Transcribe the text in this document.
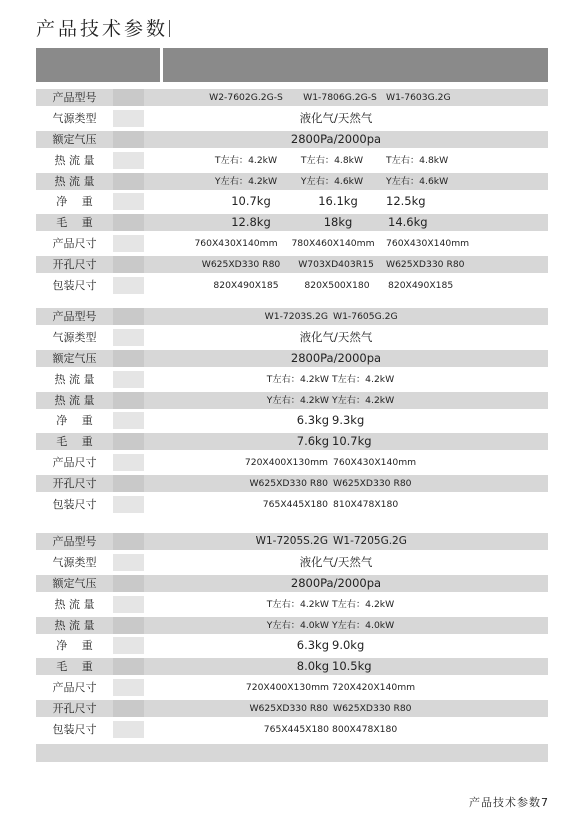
产品技术参数
产品型号	W2-7602G.2G-S	W1-7806G.2G-S W1-7603G.2G
气源类型	液化气/天然气
额定气压	2800Pa/2000pa
热 流 量	T左右：4.2kW	T左右：4.8kW	T左右：4.8kW
热 流 量	Y左右：4.2kW	Y左右：4.6kW	Y左右：4.6kW
净　 重	10.7kg	16.1kg	12.5kg
毛　 重	12.8kg	18kg	14.6kg
产品尺寸	760X430X140mm	780X460X140mm	760X430X140mm
开孔尺寸	W625XD330 R80	W703XD403R15	W625XD330 R80
包装尺寸	820X490X185	820X500X180	820X490X185
产品型号	W1-7203S.2G W1-7605G.2G
气源类型	液化气/天然气
额定气压	2800Pa/2000pa
热 流 量	T左右：4.2kW T左右：4.2kW
热 流 量	Y左右：4.2kW Y左右：4.2kW
净　 重	6.3kg 9.3kg
毛　 重	7.6kg 10.7kg
产品尺寸	720X400X130mm 760X430X140mm
开孔尺寸	W625XD330 R80 W625XD330 R80
包装尺寸	765X445X180 810X478X180
产品型号	W1-7205S.2G W1-7205G.2G
气源类型	液化气/天然气
额定气压	2800Pa/2000pa
热 流 量	T左右：4.2kW T左右：4.2kW
热 流 量	Y左右：4.0kW Y左右：4.0kW
净　 重	6.3kg 9.0kg
毛　 重	8.0kg 10.5kg
产品尺寸	720X400X130mm 720X420X140mm
开孔尺寸	W625XD330 R80 W625XD330 R80
包装尺寸	765X445X180 800X478X180
产品技术参数7
